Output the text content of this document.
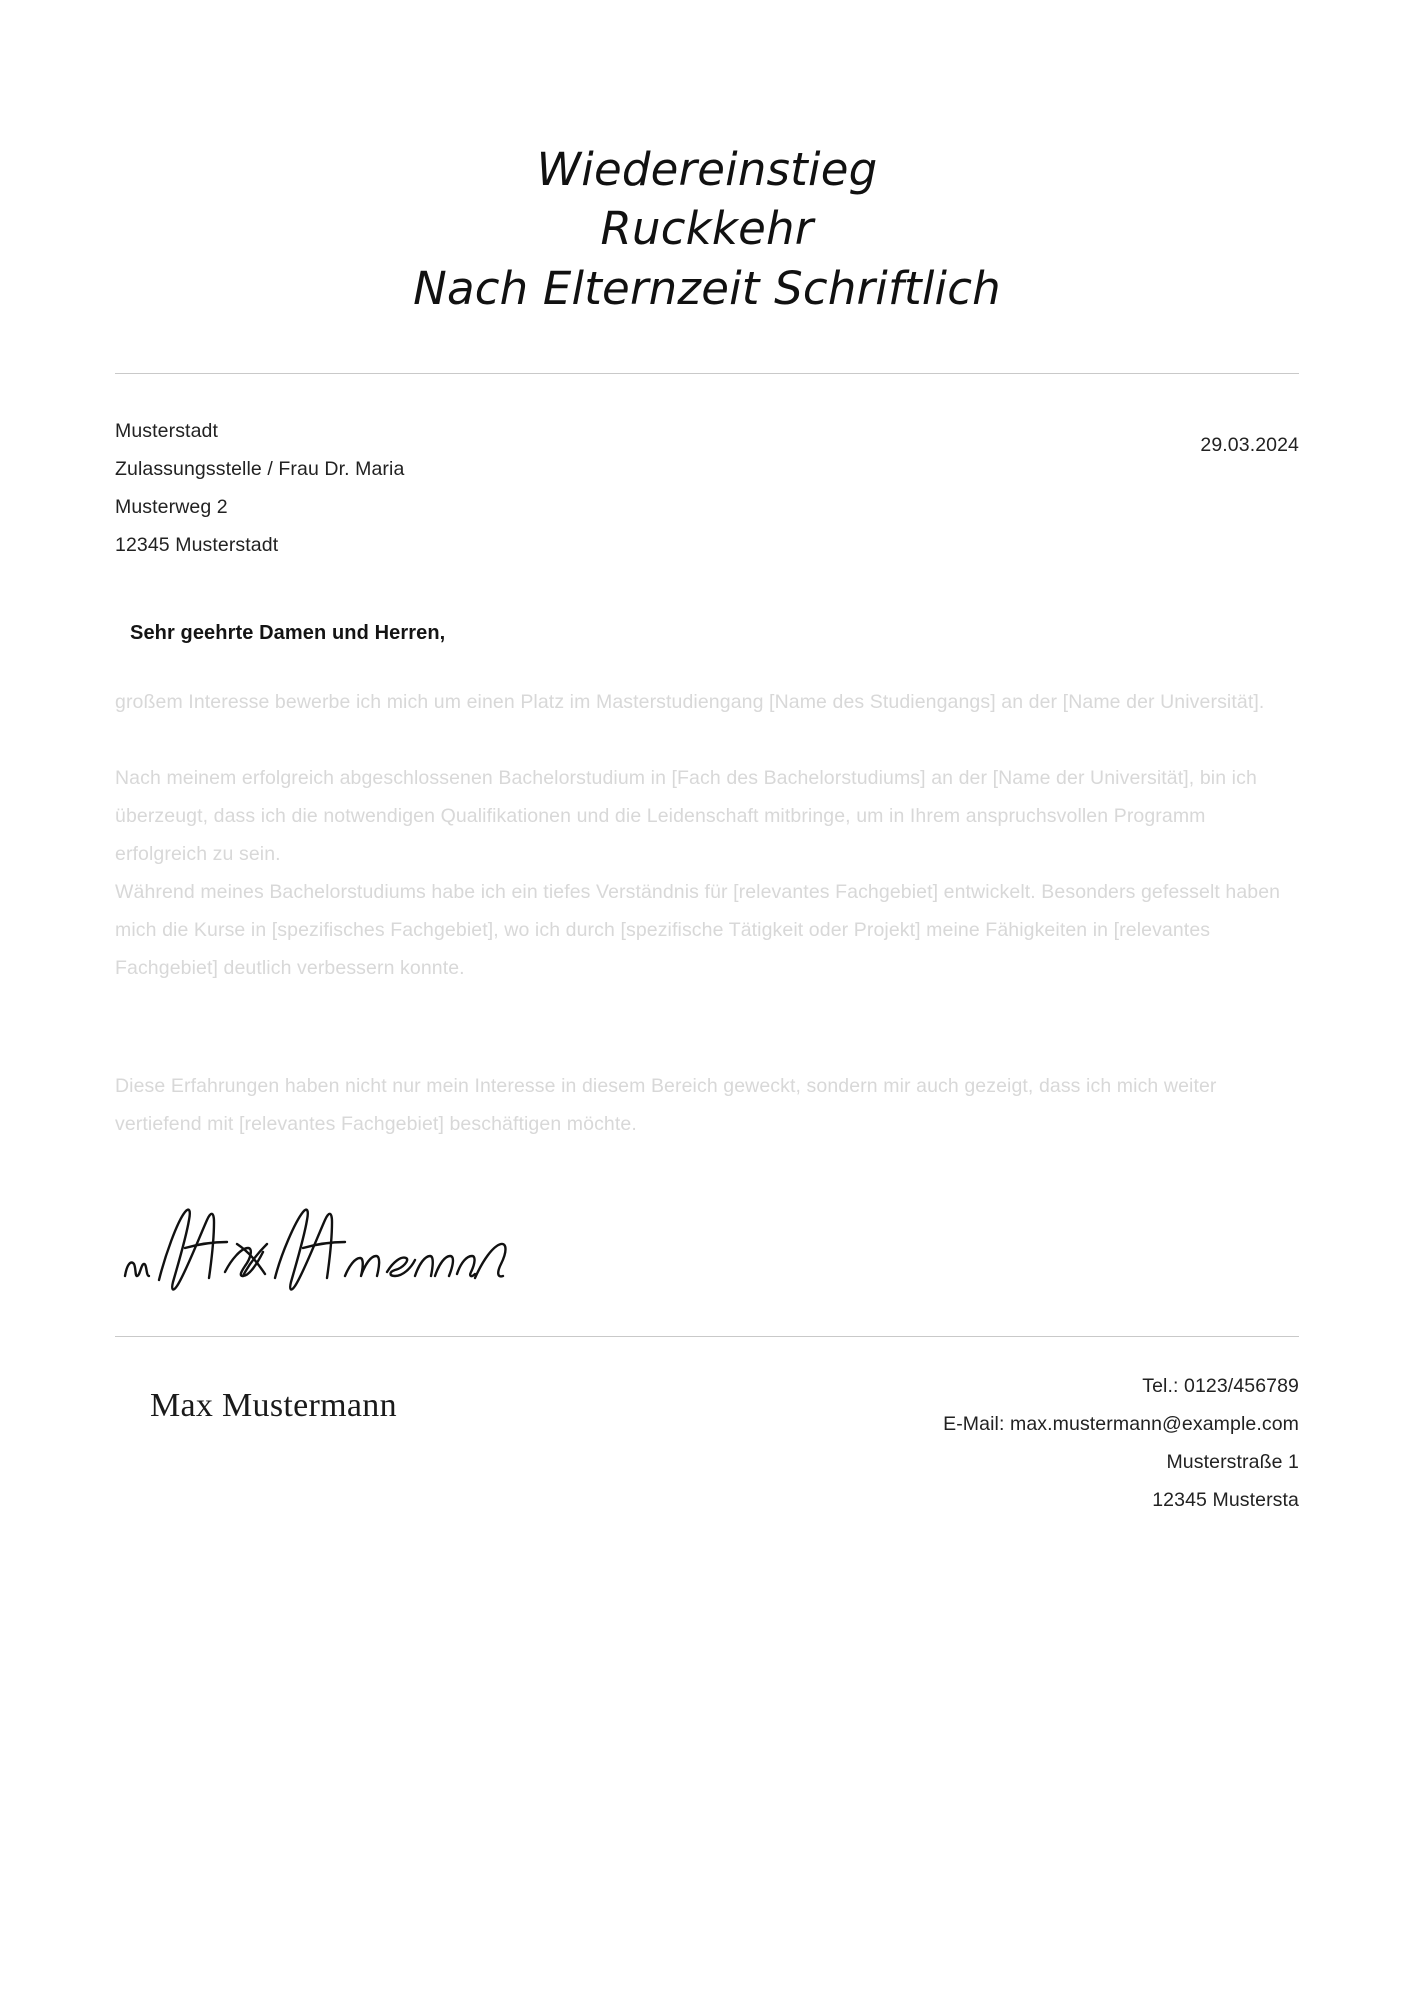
Wiedereinstieg
Ruckkehr
Nach Elternzeit Schriftlich
Musterstadt
Zulassungsstelle / Frau Dr. Maria
Musterweg 2
12345 Musterstadt
29.03.2024
Sehr geehrte Damen und Herren,

großem Interesse bewerbe ich mich um einen Platz im Masterstudiengang [Name des Studiengangs] an der [Name der Universität].

Nach meinem erfolgreich abgeschlossenen Bachelorstudium in [Fach des Bachelorstudiums] an der [Name der Universität], bin ich überzeugt, dass ich die notwendigen Qualifikationen und die Leidenschaft mitbringe, um in Ihrem anspruchsvollen Programm erfolgreich zu sein.

Während meines Bachelorstudiums habe ich ein tiefes Verständnis für [relevantes Fachgebiet] entwickelt. Besonders gefesselt haben mich die Kurse in [spezifisches Fachgebiet], wo ich durch [spezifische Tätigkeit oder Projekt] meine Fähigkeiten in [relevantes Fachgebiet] deutlich verbessern konnte.

Diese Erfahrungen haben nicht nur mein Interesse in diesem Bereich geweckt, sondern mir auch gezeigt, dass ich mich weiter vertiefend mit [relevantes Fachgebiet] beschäftigen möchte.

Max Mustermann
Tel.: 0123/456789
E-Mail: max.mustermann@example.com
Musterstraße 1
12345 Mustersta
